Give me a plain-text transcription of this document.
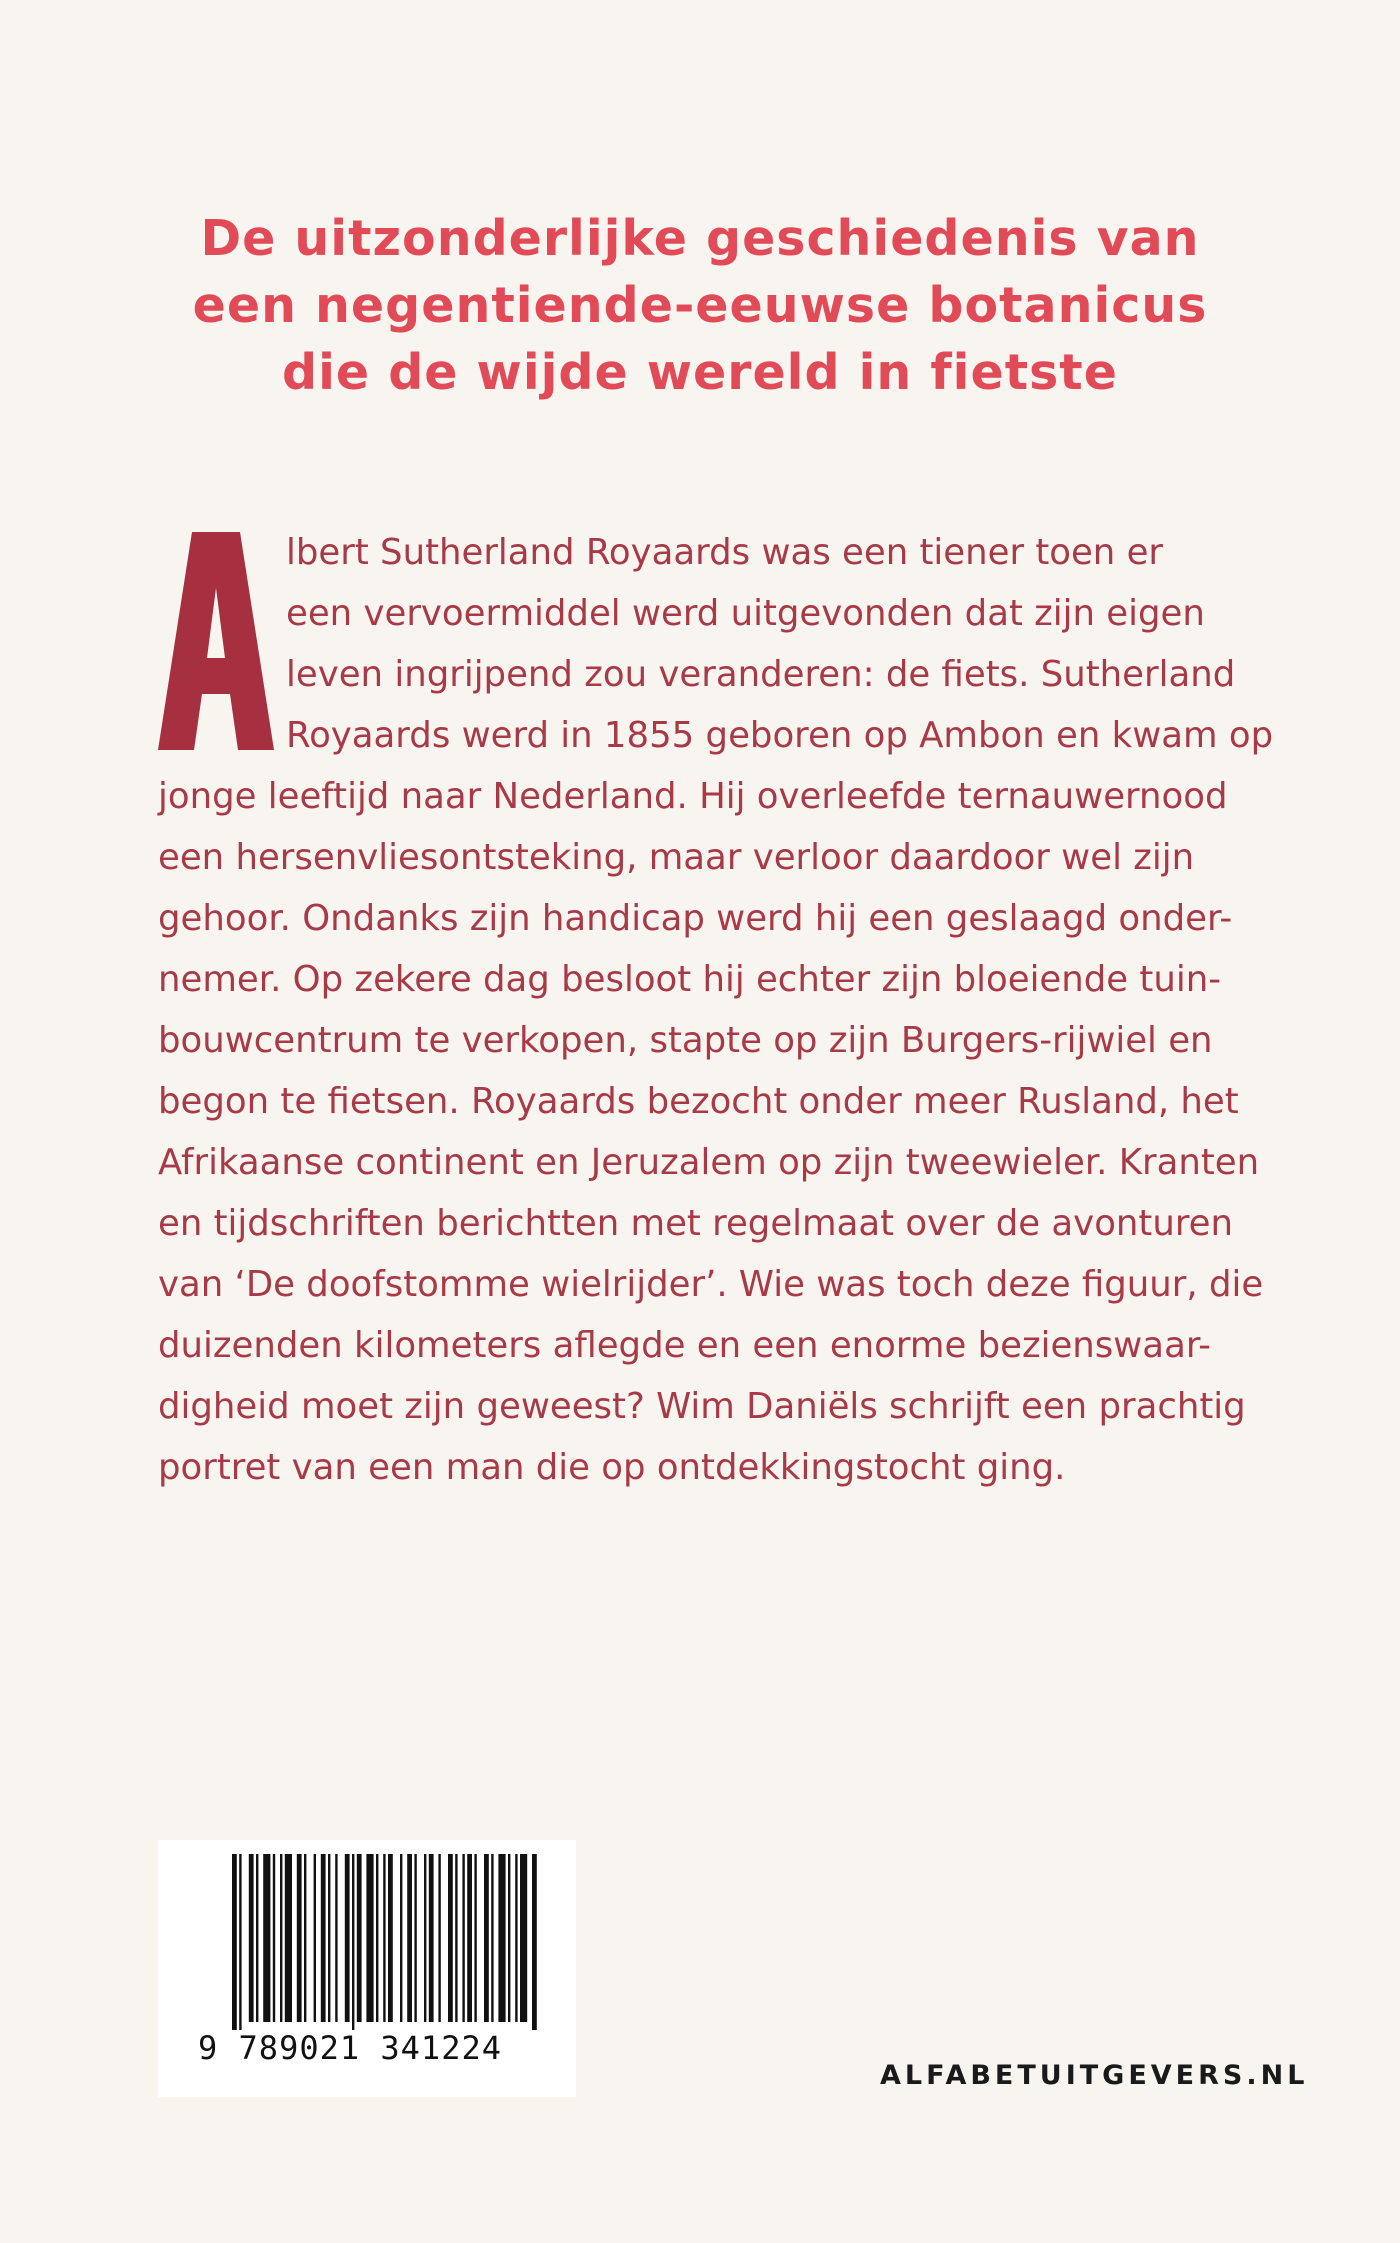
De uitzonderlijke geschiedenis van
een negentiende-eeuwse botanicus
die de wijde wereld in fietste
lbert Sutherland Royaards was een tiener toen er
een vervoermiddel werd uitgevonden dat zijn eigen
leven ingrijpend zou veranderen: de fiets. Sutherland
Royaards werd in 1855 geboren op Ambon en kwam op
jonge leeftijd naar Nederland. Hij overleefde ternauwernood
een hersenvliesontsteking, maar verloor daardoor wel zijn
gehoor. Ondanks zijn handicap werd hij een geslaagd onder-
nemer. Op zekere dag besloot hij echter zijn bloeiende tuin-
bouwcentrum te verkopen, stapte op zijn Burgers-rijwiel en
begon te fietsen. Royaards bezocht onder meer Rusland, het
Afrikaanse continent en Jeruzalem op zijn tweewieler. Kranten
en tijdschriften berichtten met regelmaat over de avonturen
van ‘De doofstomme wielrijder’. Wie was toch deze figuur, die
duizenden kilometers aflegde en een enorme bezienswaar-
digheid moet zijn geweest? Wim Daniëls schrijft een prachtig
portret van een man die op ontdekkingstocht ging.
9 789021 341224
ALFABETUITGEVERS.NL
